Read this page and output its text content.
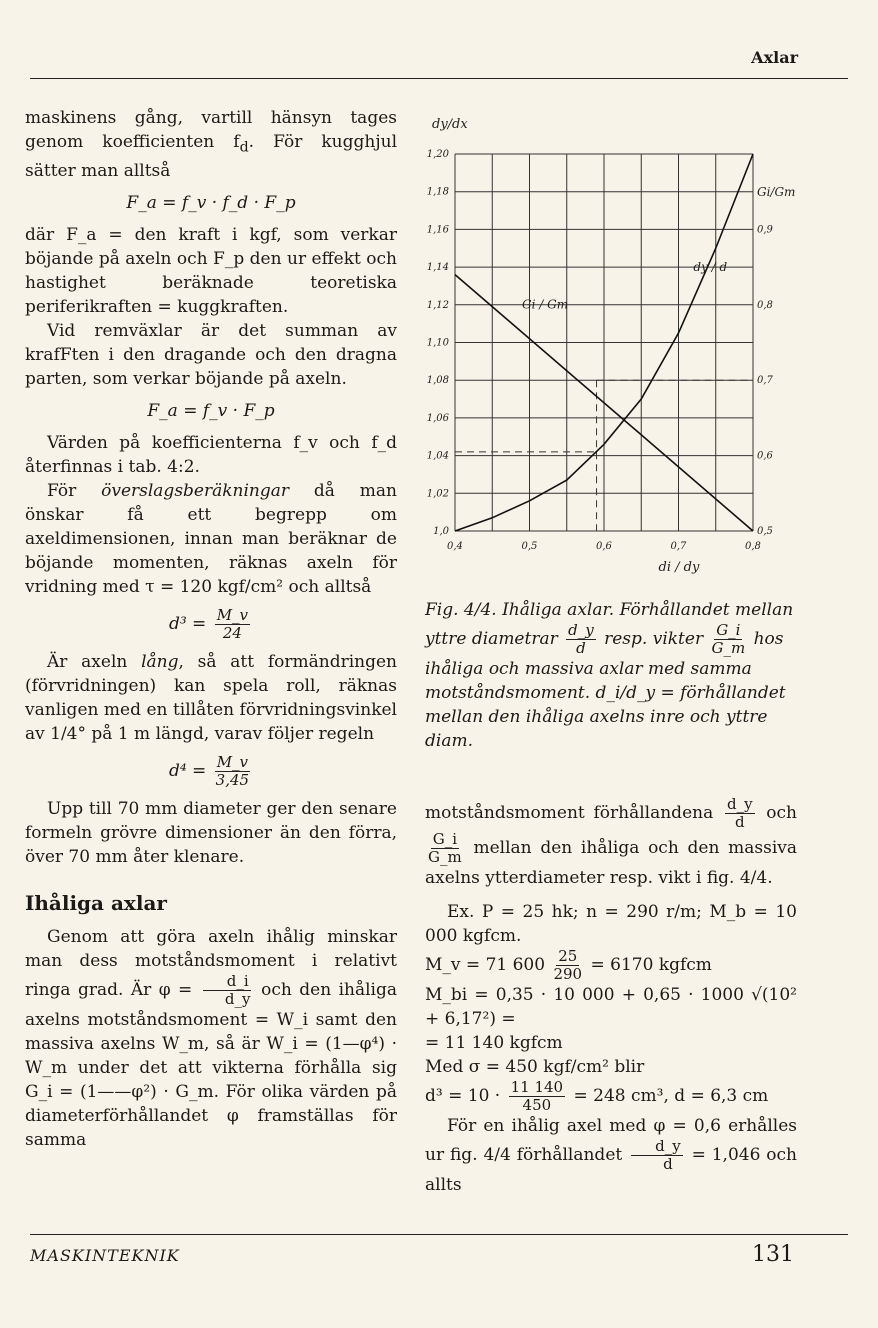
Axlar

maskinens gång, vartill hänsyn tages genom koefficienten $f_d$. För kugghjul sätter man alltså

F_a = f_v · f_d · F_p

där F_a = den kraft i kgf, som verkar böjande på axeln och F_p den ur effekt och hastighet beräknade teoretiska periferikraften = kuggkraften.

Vid remväxlar är det summan av krafFten i den dragande och den dragna parten, som verkar böjande på axeln.

F_a = f_v · F_p

Värden på koefficienterna f_v och f_d återfinnas i tab. 4:2.

För överslagsberäkningar då man önskar få ett begrepp om axeldimensionen, innan man beräknar de böjande momenten, räknas axeln för vridning med τ = 120 kgf/cm² och alltså

$d^3 = \frac{M\_v}{24}$

Är axeln lång, så att formändringen (förvridningen) kan spela roll, räknas vanligen med en tillåten förvridningsvinkel av 1/4° på 1 m längd, varav följer regeln

$d^4 = \frac{M\_v}{3,45}$

Upp till 70 mm diameter ger den senare formeln grövre dimensioner än den förra, över 70 mm åter klenare.

Ihåliga axlar

Genom att göra axeln ihålig minskar man dess motståndsmoment i relativt ringa grad. Är $\varphi = \frac{d\_i}{d\_y}$ och den ihåliga axelns motståndsmoment = W_i samt den massiva axelns W_m, så är W_i = (1—φ⁴) · W_m under det att vikterna förhålla sig G_i = (1——φ²) · G_m. För olika värden på diameterförhållandet φ framställas för samma

1,0
1,02
1,04
1,06
1,08
1,10
1,12
1,14
1,16
1,18
1,20
0,5
0,6
0,7
0,8
0,9
0,4	0,5	0,6	0,7	0,8
dy/dx
Gi/Gm
di / dy
dy / d
Gi / Gm
Fig. 4/4. Ihåliga axlar. Förhållandet mellan yttre diametrar $\frac{d\_y}{d}$ resp. vikter $\frac{G\_i}{G\_m}$ hos ihåliga och massiva axlar med samma motståndsmoment. d_i/d_y = förhållandet mellan den ihåliga axelns inre och yttre diam.

motståndsmoment förhållandena $\frac{d\_y}{d}$ och
$\frac{G\_i}{G\_m}$ mellan den ihåliga och den massiva axelns ytterdiameter resp. vikt i fig. 4/4.

Ex. P = 25 hk; n = 290 r/m; M_b = 10 000 kgfcm.

M_v = 71 $600 \frac{25}{290} = 6170$ kgfcm

M_bi = 0,35 · 10 000 + 0,65 · 1000 √(10² + 6,17²) =

= 11 140 kgfcm

Med σ = 450 kgf/cm² blir

$d^3 = 10 \cdot \frac{11 140}{450} = 248$ cm³, d = 6,3 cm

För en ihålig axel med φ = 0,6 erhålles ur fig. 4/4 förhållandet $\frac{d\_y}{d} = 1,046$ och allts

MASKINTEKNIK	131
